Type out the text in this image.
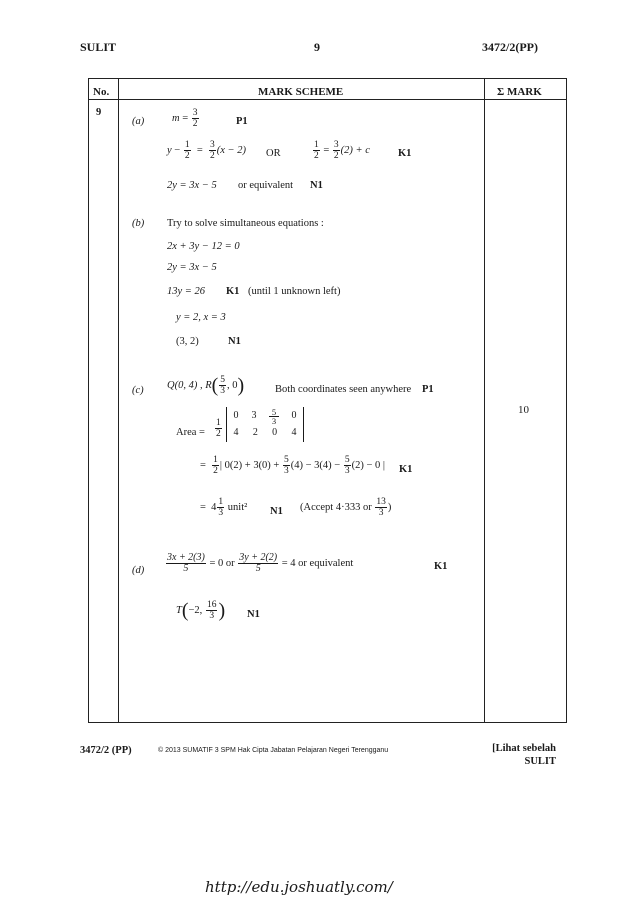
SULIT	9	3472/2(PP)
No.	MARK SCHEME	Σ MARK
9
10
(a)	$m = \frac{3}{2}$	P1
$y - \frac{1}{2} = \frac{3}{2} (x - 2)$ OR	$\frac{1}{2} = \frac{3}{2} (2) + c$	K1
2y = 3x − 5 or equivalent N1
(b) Try to solve simultaneous equations :
2x + 3y − 12 = 0
2y = 3x − 5
13y = 26 K1 (until 1 unknown left)
y = 2, x = 3
(3, 2)	N1
(c) Q(0, 4) , $R( \frac{5}{3}$ , 0)	Both coordinates seen anywhere P1
Area = $\frac{1}{2}$
0 $3 \frac{5}{3} 0$
4 2 0 4
= $\frac{1}{2}$ | $0(2) + 3(0) + \frac{5}{3} (4) - 3(4) - \frac{5}{3} (2) - 0$ | K1
=  $4 \frac{1}{3}$ unit² N1 (Accept 4·333 or $\frac{13}{3}$ )
$(d) \frac{3x + 2(3)}{5} = 0$ or $\frac{3y + 2(2)}{5} = 4$ or equivalent	K1
T(−2, $\frac{16}{3}$ ) N1
3472/2 (PP)	© 2013 SUMATIF 3 SPM Hak Cipta Jabatan Pelajaran Negeri Terengganu	[Lihat sebelah
SULIT
http://edu.joshuatly.com/
